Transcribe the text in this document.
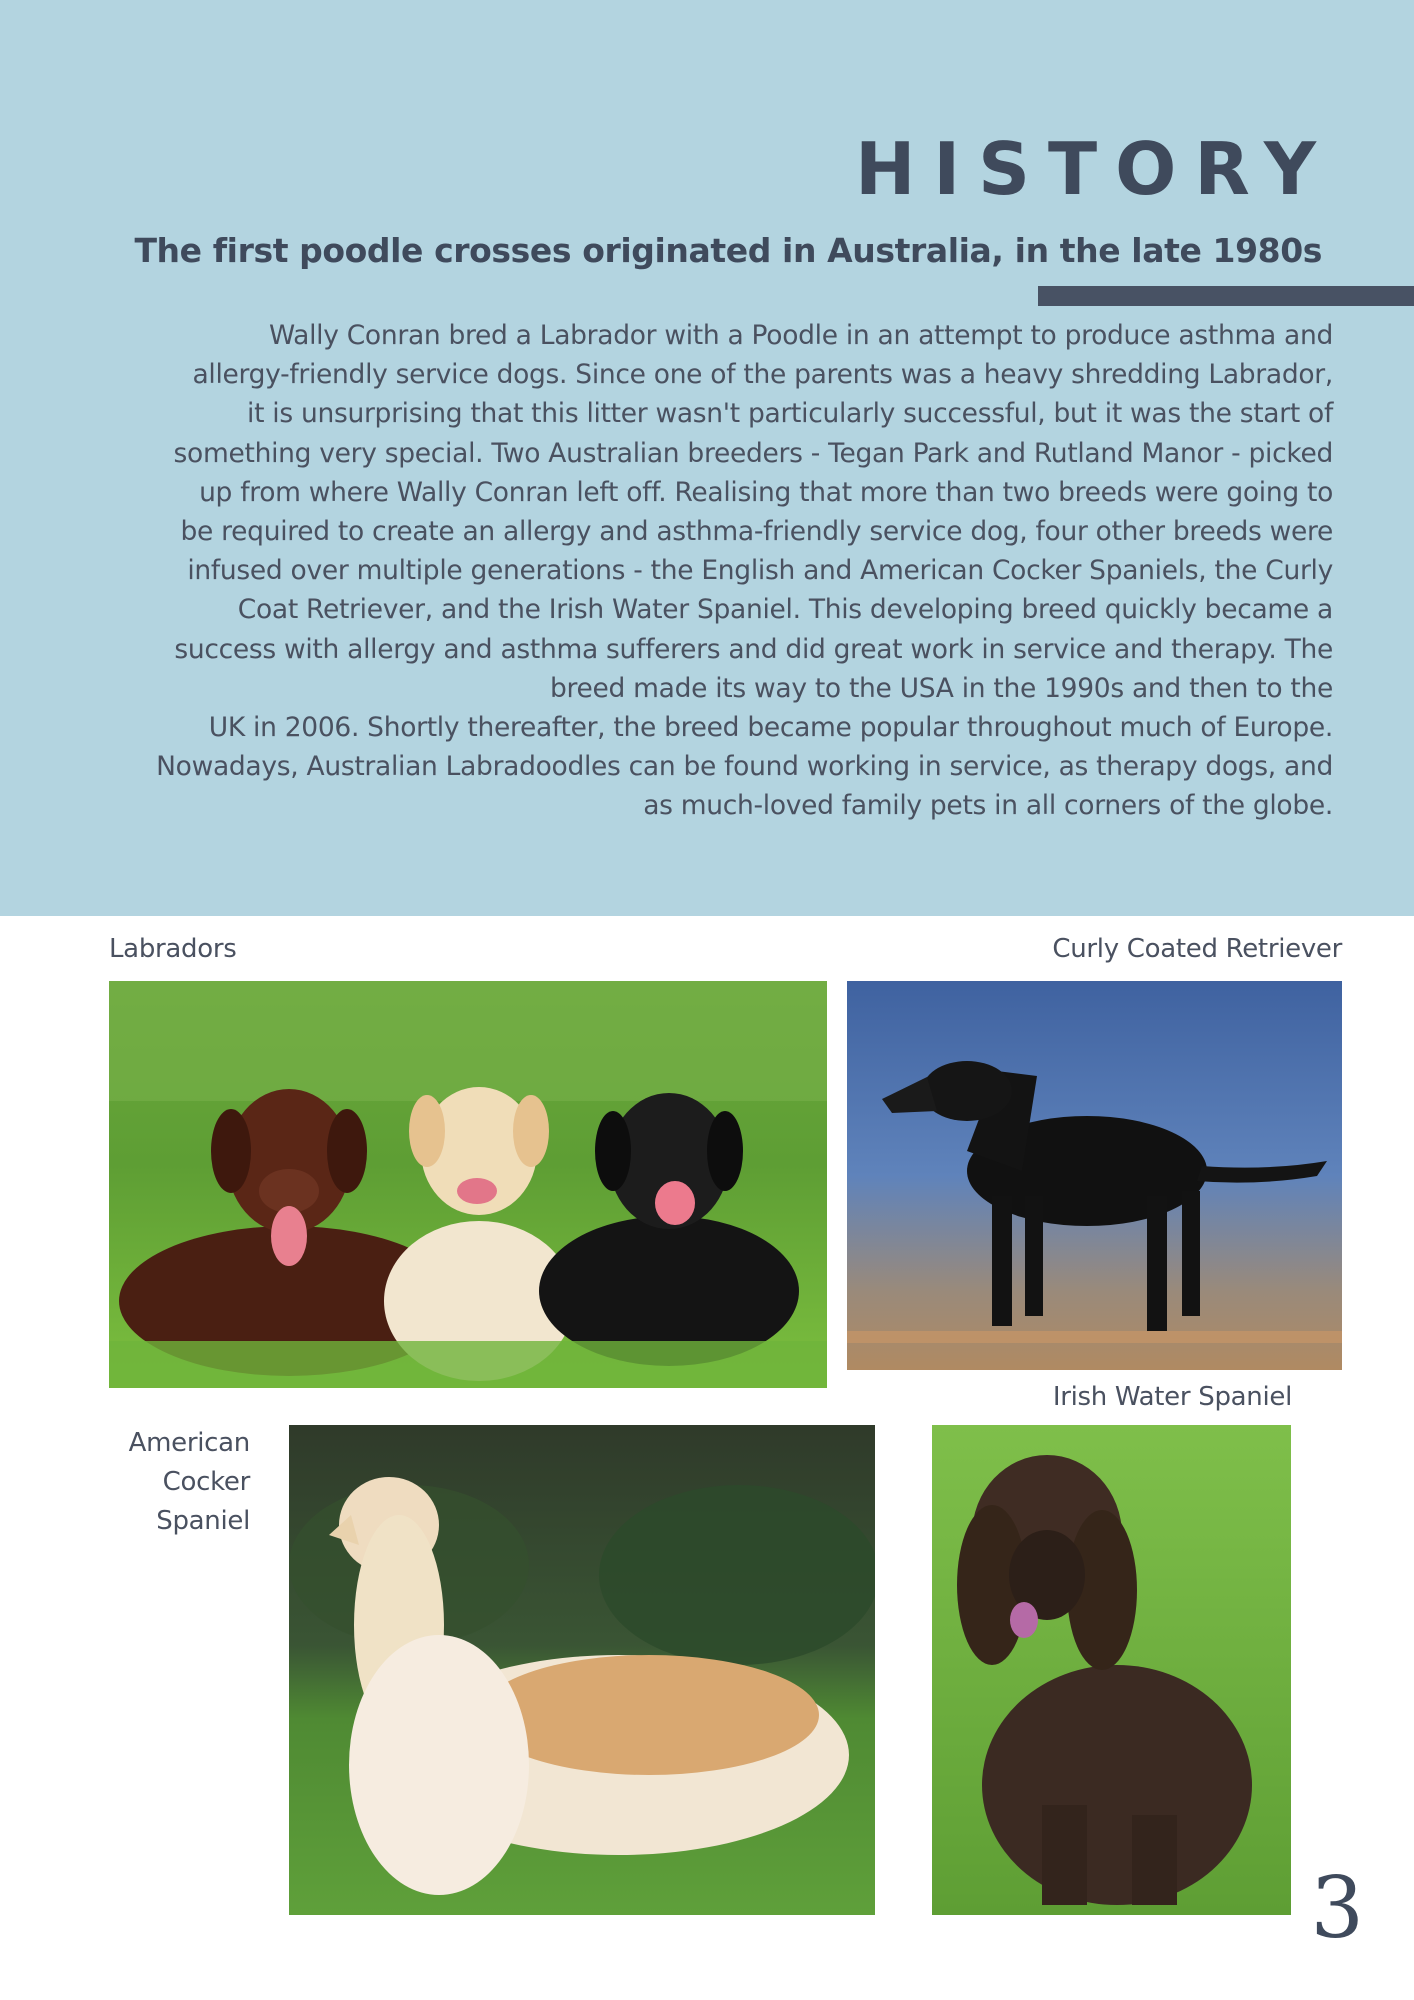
HISTORY
The first poodle crosses originated in Australia, in the late 1980s
Wally Conran bred a Labrador with a Poodle in an attempt to produce asthma and
allergy-friendly service dogs. Since one of the parents was a heavy shredding Labrador,
it is unsurprising that this litter wasn't particularly successful, but it was the start of
something very special. Two Australian breeders - Tegan Park and Rutland Manor - picked
up from where Wally Conran left off. Realising that more than two breeds were going to
be required to create an allergy and asthma-friendly service dog, four other breeds were
infused over multiple generations - the English and American Cocker Spaniels, the Curly
Coat Retriever, and the Irish Water Spaniel. This developing breed quickly became a
success with allergy and asthma sufferers and did great work in service and therapy. The
breed made its way to the USA in the 1990s and then to the
UK in 2006. Shortly thereafter, the breed became popular throughout much of Europe.
Nowadays, Australian Labradoodles can be found working in service, as therapy dogs, and
as much-loved family pets in all corners of the globe.
Labradors	Curly Coated Retriever
Irish Water Spaniel
American
Cocker
Spaniel
3
